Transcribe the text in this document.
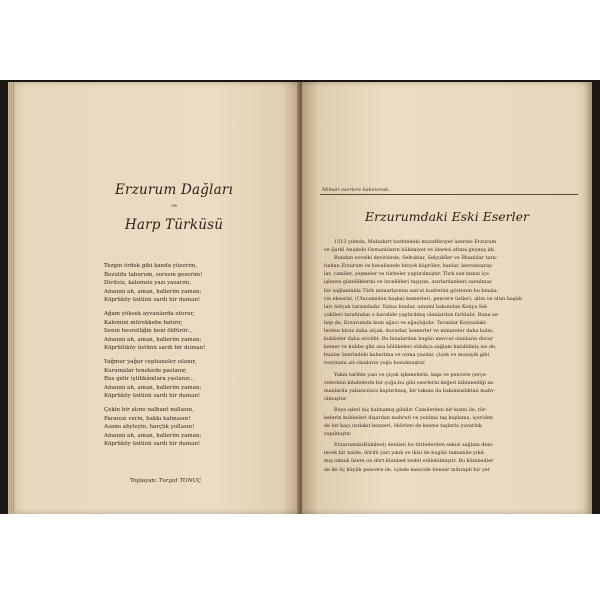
Erzurum Dağları
ve
Harp Türküsü
Tezgin ördek gibi kanda yüzerim,
Bozuldu taburum, sersem gezerim!
Divitsiz, kalemsiz yazı yazarım,
Amanın ah, aman, hallerim yaman;
Köprüköy üstünü sardı bir duman!
Ağam yüksek ayvanlarda oturur,
Kalemini mürekkebe batırır,
Senin hesretliğin beni öldürür...
Amanın ah, aman, hallerim yaman;
Köprülüköy üstünü sardı bir duman!
Yağmur yağar cephaneler ıslanır,
Kurumalar tenekede paslanır,
Rus gelir iştihkâmlara yaslanır...
Amanın ah, aman, hallerim yaman;
Köprüköy üstünü sardı bir duman!
Çekin bir atımı nalbant nallasın,
Paranızı verin, hakkı kalmasın!
Asamı abyleyin, harçlık yollasın!
Amanın ah, aman, hallerim yaman;
Köprüköy üstünü sardı bir duman!
Toplayan: Turgut TONUÇ
Mimari eserlere bakınırsak:
Erzurumdaki Eski Eserler
1513 yılında, Malazkirt harbindeki muzafferiyet üzerine Erzurum
ve Şarkî Anadolu Osmanlıların hâkimiyet ve idaresi altına geçmiş idi.
Bundan evvelki devirlerde, Seltuklar, Selçukîler ve İlhanlılar tara-
fından Erzurum ve havalisinde birçok köprüler, hanlar, kervansaray-
lar, camiler, çeşmeler ve türbeler yaptırılmıştır. Türk san'atının içe
işleyen güzelliklerini ve incelikleri taşıyan, asırlardanberi sarsılmaz
bir sağlamlıkla Türk mimarlarının san'at kudretini gösteren bu binala-
rın ekserisi, (Ulucamiden başka) kemerleri, pencere üstleri, altın ve altın başlık-
ları Selçuk tarzındadır. Yalnız bunlar, umumî bakımdan Konya Sel-
çukîleri tarafından o havalide yaptırılmış olanlardan farklıdır. Buna se-
bep de, Erzurumda kum ağacı ve ağaçlığıdır. Tavanlar Konyadaki-
lerden biraz daha alçak, duvarlar, kemerler ve minareler daha kalın,
kubbeler daha sivridir. Bu binalardan bugün mevcut olanların duvar
kemer ve kubbe gibi ana bölükeleri oldukça sağlam kalabilmiş ise de,
bunlar üzerindeki kabartma ve oyma yazılar, çiçek ve mozayık gibi
tezyinata ait olanların çoğu bozulmuştur.
Yakın tarihte yazı ve çiçek işlemelerin, kapı ve pencere çerçe-
velerinin kitabelerin bir çoğu,bu gibi eserlerin değeri bilinmediği za-
manlarda yabancılara kaptırılmış, bir takımı da bakımsızlıktan mahv-
olmuştur.
Boya işleri hiç kalmamış gibidir. Camilerden bir kısmı ile, tür-
belerin kubbeleri dışardan mahruti ve yonlma taş kaplama, içeriden
de bir kaçı ustlakit benzeri, öbürleri de kesme taşlarla yuvarlak
yapılmıştır.
Erzurumda(Kümbed) denilen bu türbelerden sekizi sağlam deni-
lecek bir halde, dördü yarı yıkık ve ikisi de bugün tamamile yıkıl-
mış olmak üzere on dört kümbed tesbit edilebilmiştir. Bu kümbedler
de iki üç küçük pencere ile, içinde mescide benzer mihrapli bir yer
